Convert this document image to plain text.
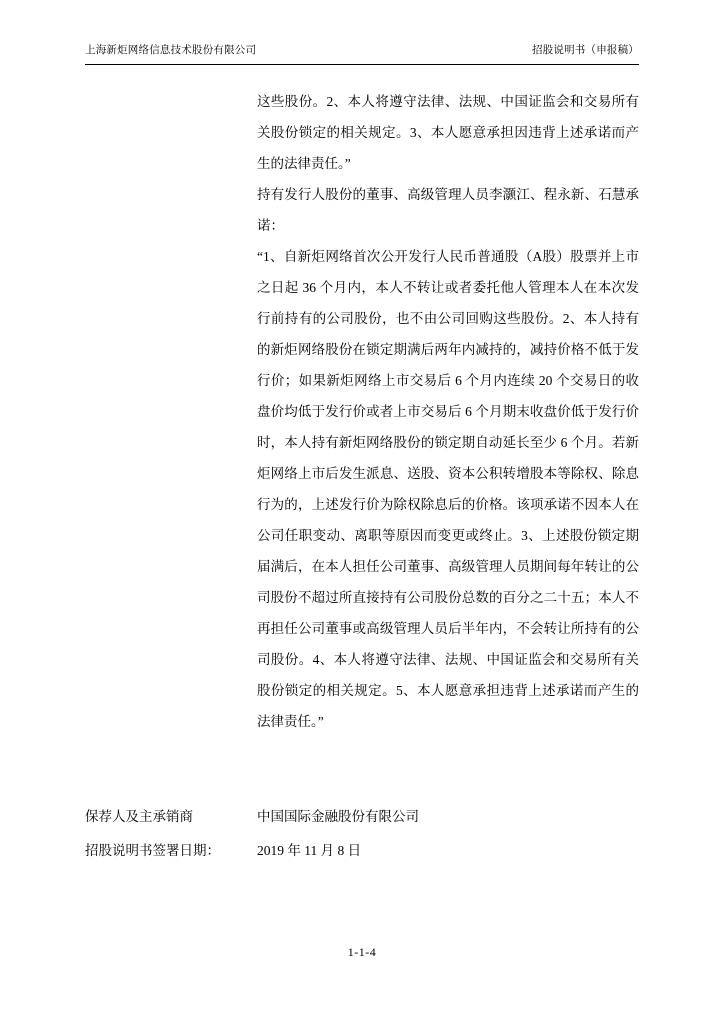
上海新炬网络信息技术股份有限公司	招股说明书（申报稿）

这些股份。2、本人将遵守法律、法规、中国证监会和交易所有关股份锁定的相关规定。3、本人愿意承担因违背上述承诺而产生的法律责任。”

持有发行人股份的董事、高级管理人员李灏江、程永新、石慧承诺：

“1、自新炬网络首次公开发行人民币普通股（A股）股票并上市之日起 36 个月内，本人不转让或者委托他人管理本人在本次发行前持有的公司股份，也不由公司回购这些股份。2、本人持有的新炬网络股份在锁定期满后两年内减持的，减持价格不低于发行价；如果新炬网络上市交易后 6 个月内连续 20 个交易日的收盘价均低于发行价或者上市交易后 6 个月期末收盘价低于发行价时，本人持有新炬网络股份的锁定期自动延长至少 6 个月。若新炬网络上市后发生派息、送股、资本公积转增股本等除权、除息行为的，上述发行价为除权除息后的价格。该项承诺不因本人在公司任职变动、离职等原因而变更或终止。3、上述股份锁定期届满后，在本人担任公司董事、高级管理人员期间每年转让的公司股份不超过所直接持有公司股份总数的百分之二十五；本人不再担任公司董事或高级管理人员后半年内，不会转让所持有的公司股份。4、本人将遵守法律、法规、中国证监会和交易所有关股份锁定的相关规定。5、本人愿意承担违背上述承诺而产生的法律责任。”

保荐人及主承销商	中国国际金融股份有限公司
招股说明书签署日期：	2019 年 11 月 8 日
1-1-4
